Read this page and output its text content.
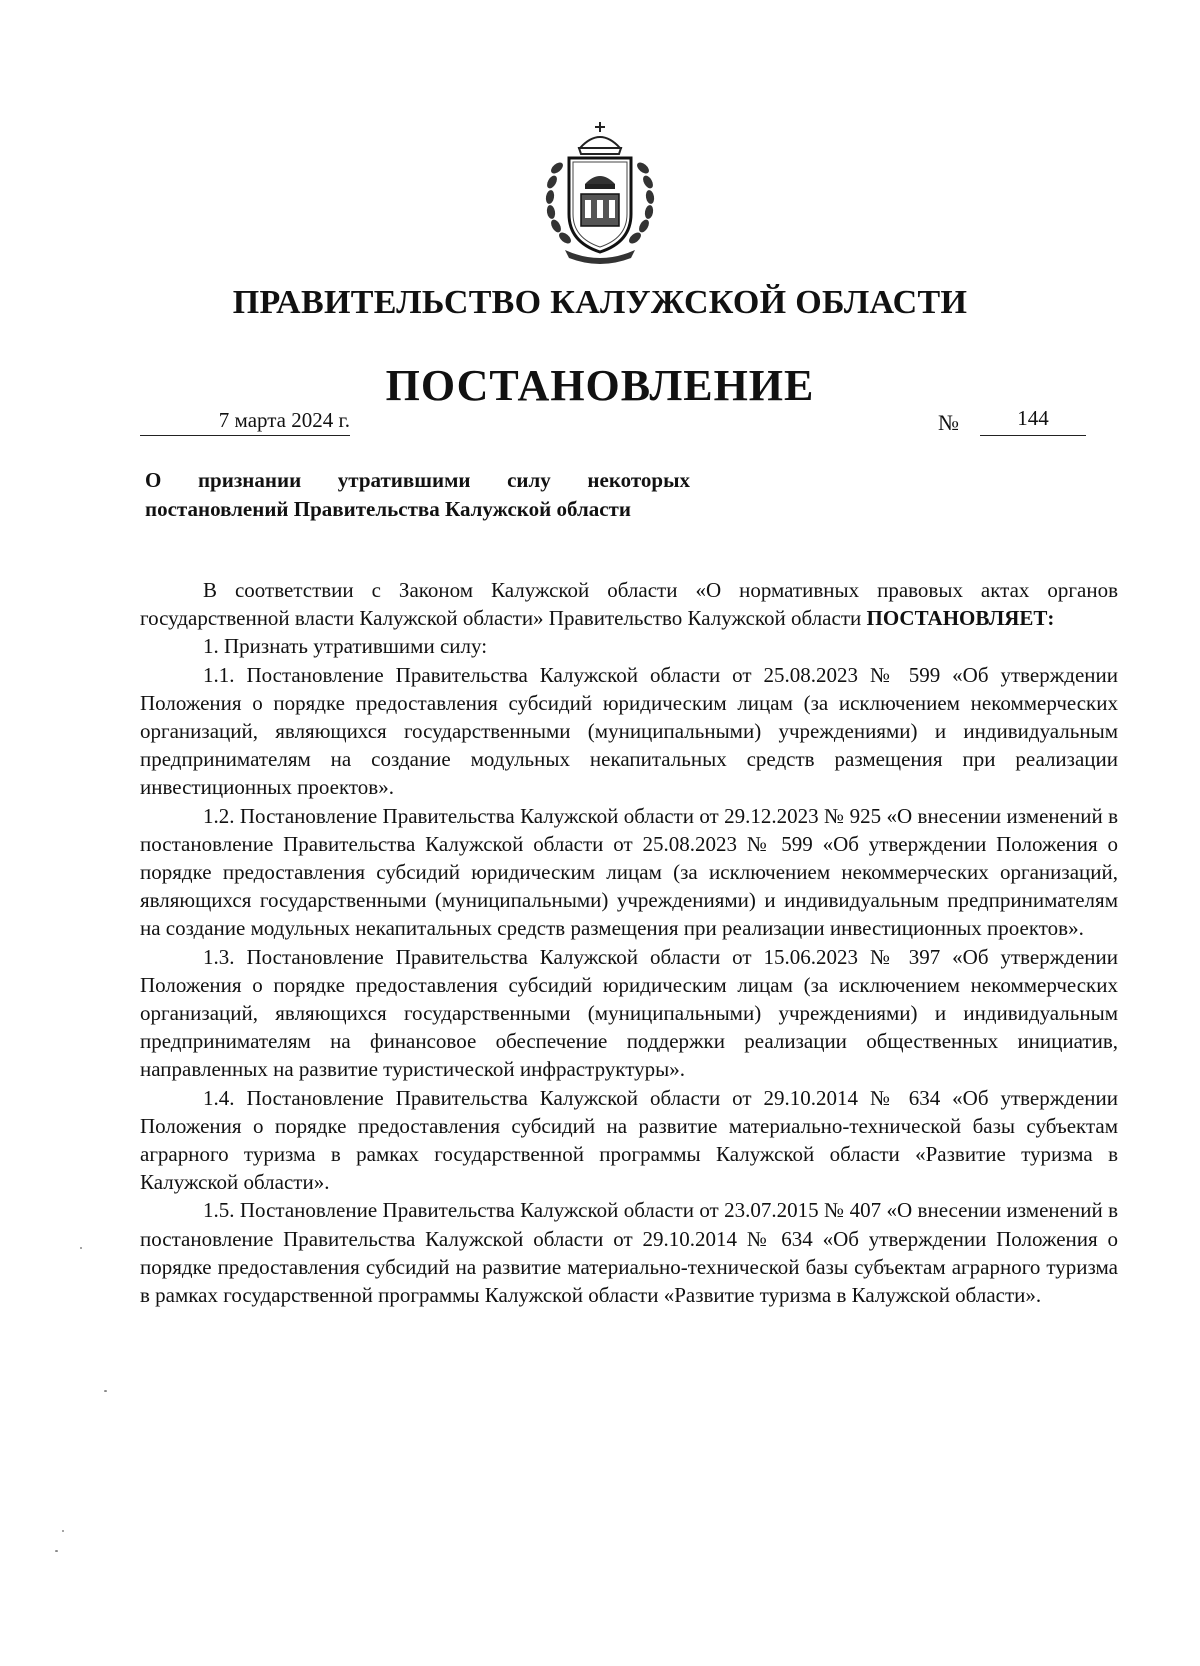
ПРАВИТЕЛЬСТВО КАЛУЖСКОЙ ОБЛАСТИ
ПОСТАНОВЛЕНИЕ
7 марта 2024 г.	№	144
О признании утратившими силу некоторых постановлений Правительства Калужской области

В соответствии с Законом Калужской области «О нормативных правовых актах органов государственной власти Калужской области» Правительство Калужской области ПОСТАНОВЛЯЕТ:

1. Признать утратившими силу:

1.1. Постановление Правительства Калужской области от 25.08.2023 № 599 «Об утверждении Положения о порядке предоставления субсидий юридическим лицам (за исключением некоммерческих организаций, являющихся государственными (муниципальными) учреждениями) и индивидуальным предпринимателям на создание модульных некапитальных средств размещения при реализации инвестиционных проектов».

1.2. Постановление Правительства Калужской области от 29.12.2023 № 925 «О внесении изменений в постановление Правительства Калужской области от 25.08.2023 № 599 «Об утверждении Положения о порядке предоставления субсидий юридическим лицам (за исключением некоммерческих организаций, являющихся государственными (муниципальными) учреждениями) и индивидуальным предпринимателям на создание модульных некапитальных средств размещения при реализации инвестиционных проектов».

1.3. Постановление Правительства Калужской области от 15.06.2023 № 397 «Об утверждении Положения о порядке предоставления субсидий юридическим лицам (за исключением некоммерческих организаций, являющихся государственными (муниципальными) учреждениями) и индивидуальным предпринимателям на финансовое обеспечение поддержки реализации общественных инициатив, направленных на развитие туристической инфраструктуры».

1.4. Постановление Правительства Калужской области от 29.10.2014 № 634 «Об утверждении Положения о порядке предоставления субсидий на развитие материально-технической базы субъектам аграрного туризма в рамках государственной программы Калужской области «Развитие туризма в Калужской области».

1.5. Постановление Правительства Калужской области от 23.07.2015 № 407 «О внесении изменений в постановление Правительства Калужской области от 29.10.2014 № 634 «Об утверждении Положения о порядке предоставления субсидий на развитие материально-технической базы субъектам аграрного туризма в рамках государственной программы Калужской области «Развитие туризма в Калужской области».
